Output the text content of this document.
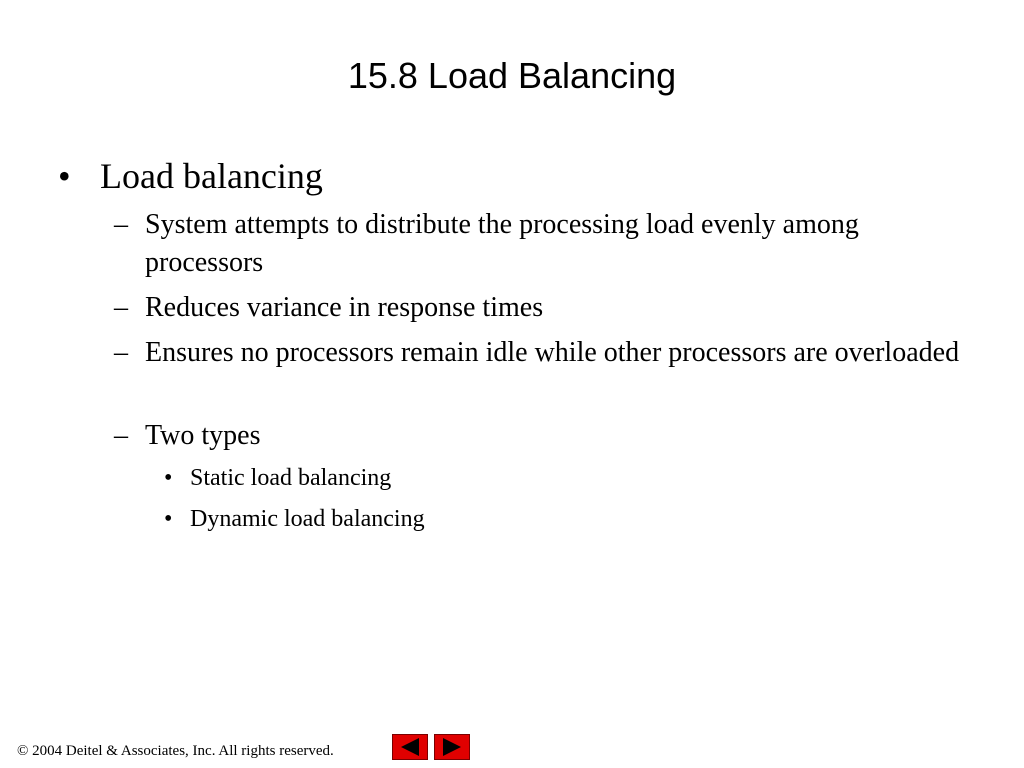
15.8 Load Balancing
• Load balancing
– System attempts to distribute the processing load evenly among processors
– Reduces variance in response times
– Ensures no processors remain idle while other processors are overloaded
– Two types
• Static load balancing
• Dynamic load balancing
© 2004 Deitel & Associates, Inc. All rights reserved.
